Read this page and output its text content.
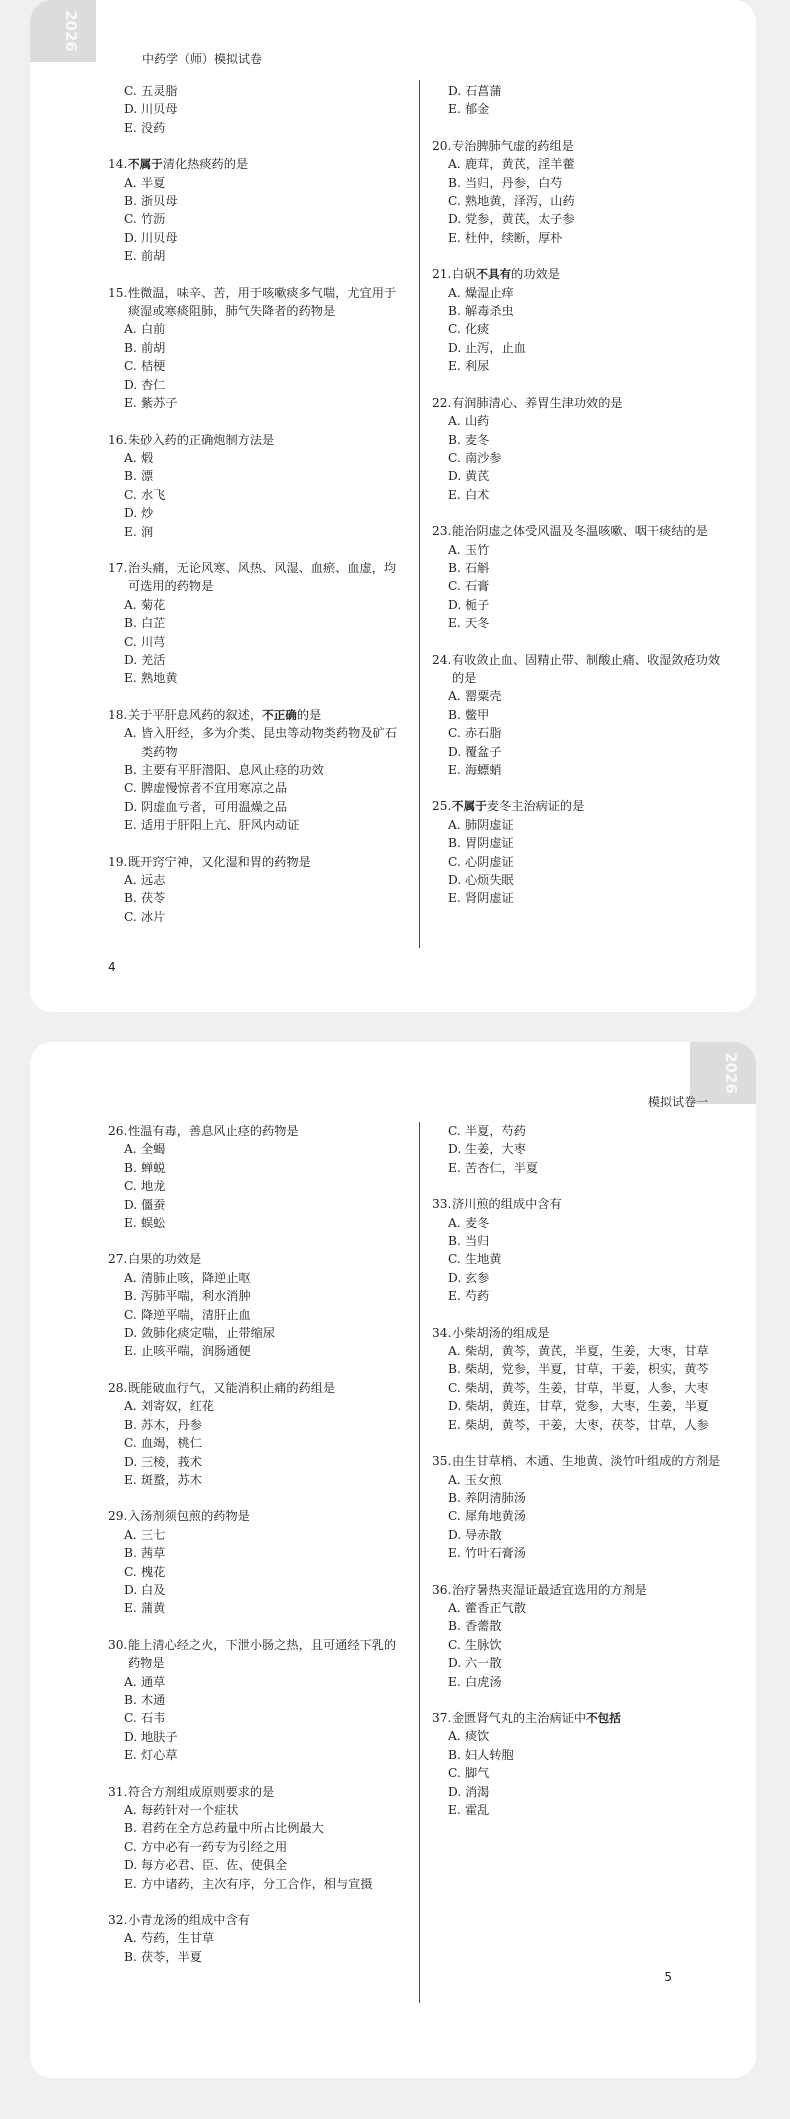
2026
中药学（师）模拟试卷
C. 五灵脂
D. 川贝母
E. 没药
14. 不属于清化热痰药的是
A. 半夏
B. 浙贝母
C. 竹沥
D. 川贝母
E. 前胡
15. 性微温，味辛、苦，用于咳嗽痰多气喘，尤宜用于痰湿或寒痰阻肺，肺气失降者的药物是
A. 白前
B. 前胡
C. 桔梗
D. 杏仁
E. 紫苏子
16. 朱砂入药的正确炮制方法是
A. 煅
B. 漂
C. 水飞
D. 炒
E. 润
17. 治头痛，无论风寒、风热、风湿、血瘀、血虚，均可选用的药物是
A. 菊花
B. 白芷
C. 川芎
D. 羌活
E. 熟地黄
18. 关于平肝息风药的叙述，不正确的是
A. 皆入肝经，多为介类、昆虫等动物类药物及矿石类药物
B. 主要有平肝潜阳、息风止痉的功效
C. 脾虚慢惊者不宜用寒凉之品
D. 阴虚血亏者，可用温燥之品
E. 适用于肝阳上亢、肝风内动证
19. 既开窍宁神，又化湿和胃的药物是
A. 远志
B. 茯苓
C. 冰片
D. 石菖蒲
E. 郁金
20. 专治脾肺气虚的药组是
A. 鹿茸，黄芪，淫羊藿
B. 当归，丹参，白芍
C. 熟地黄，泽泻，山药
D. 党参，黄芪，太子参
E. 杜仲，续断，厚朴
21. 白矾不具有的功效是
A. 燥湿止痒
B. 解毒杀虫
C. 化痰
D. 止泻，止血
E. 利尿
22. 有润肺清心、养胃生津功效的是
A. 山药
B. 麦冬
C. 南沙参
D. 黄芪
E. 白术
23. 能治阴虚之体受风温及冬温咳嗽、咽干痰结的是
A. 玉竹
B. 石斛
C. 石膏
D. 栀子
E. 天冬
24. 有收敛止血、固精止带、制酸止痛、收湿敛疮功效的是
A. 罂粟壳
B. 鳖甲
C. 赤石脂
D. 覆盆子
E. 海螵蛸
25. 不属于麦冬主治病证的是
A. 肺阴虚证
B. 胃阴虚证
C. 心阴虚证
D. 心烦失眠
E. 肾阴虚证
4
2026
模拟试卷一
26. 性温有毒，善息风止痉的药物是
A. 全蝎
B. 蝉蜕
C. 地龙
D. 僵蚕
E. 蜈蚣
27. 白果的功效是
A. 清肺止咳，降逆止呕
B. 泻肺平喘，利水消肿
C. 降逆平喘，清肝止血
D. 敛肺化痰定喘，止带缩尿
E. 止咳平喘，润肠通便
28. 既能破血行气，又能消积止痛的药组是
A. 刘寄奴，红花
B. 苏木，丹参
C. 血竭，桃仁
D. 三棱，莪术
E. 斑蝥，苏木
29. 入汤剂须包煎的药物是
A. 三七
B. 茜草
C. 槐花
D. 白及
E. 蒲黄
30. 能上清心经之火，下泄小肠之热，且可通经下乳的药物是
A. 通草
B. 木通
C. 石韦
D. 地肤子
E. 灯心草
31. 符合方剂组成原则要求的是
A. 每药针对一个症状
B. 君药在全方总药量中所占比例最大
C. 方中必有一药专为引经之用
D. 每方必君、臣、佐、使俱全
E. 方中诸药，主次有序，分工合作，相与宣摄
32. 小青龙汤的组成中含有
A. 芍药，生甘草
B. 茯苓，半夏
C. 半夏，芍药
D. 生姜，大枣
E. 苦杏仁，半夏
33. 济川煎的组成中含有
A. 麦冬
B. 当归
C. 生地黄
D. 玄参
E. 芍药
34. 小柴胡汤的组成是
A. 柴胡，黄芩，黄芪，半夏，生姜，大枣，甘草
B. 柴胡，党参，半夏，甘草，干姜，枳实，黄芩
C. 柴胡，黄芩，生姜，甘草，半夏，人参，大枣
D. 柴胡，黄连，甘草，党参，大枣，生姜，半夏
E. 柴胡，黄芩，干姜，大枣，茯苓，甘草，人参
35. 由生甘草梢、木通、生地黄、淡竹叶组成的方剂是
A. 玉女煎
B. 养阴清肺汤
C. 犀角地黄汤
D. 导赤散
E. 竹叶石膏汤
36. 治疗暑热夹湿证最适宜选用的方剂是
A. 藿香正气散
B. 香薷散
C. 生脉饮
D. 六一散
E. 白虎汤
37. 金匮肾气丸的主治病证中不包括
A. 痰饮
B. 妇人转胞
C. 脚气
D. 消渴
E. 霍乱
5
